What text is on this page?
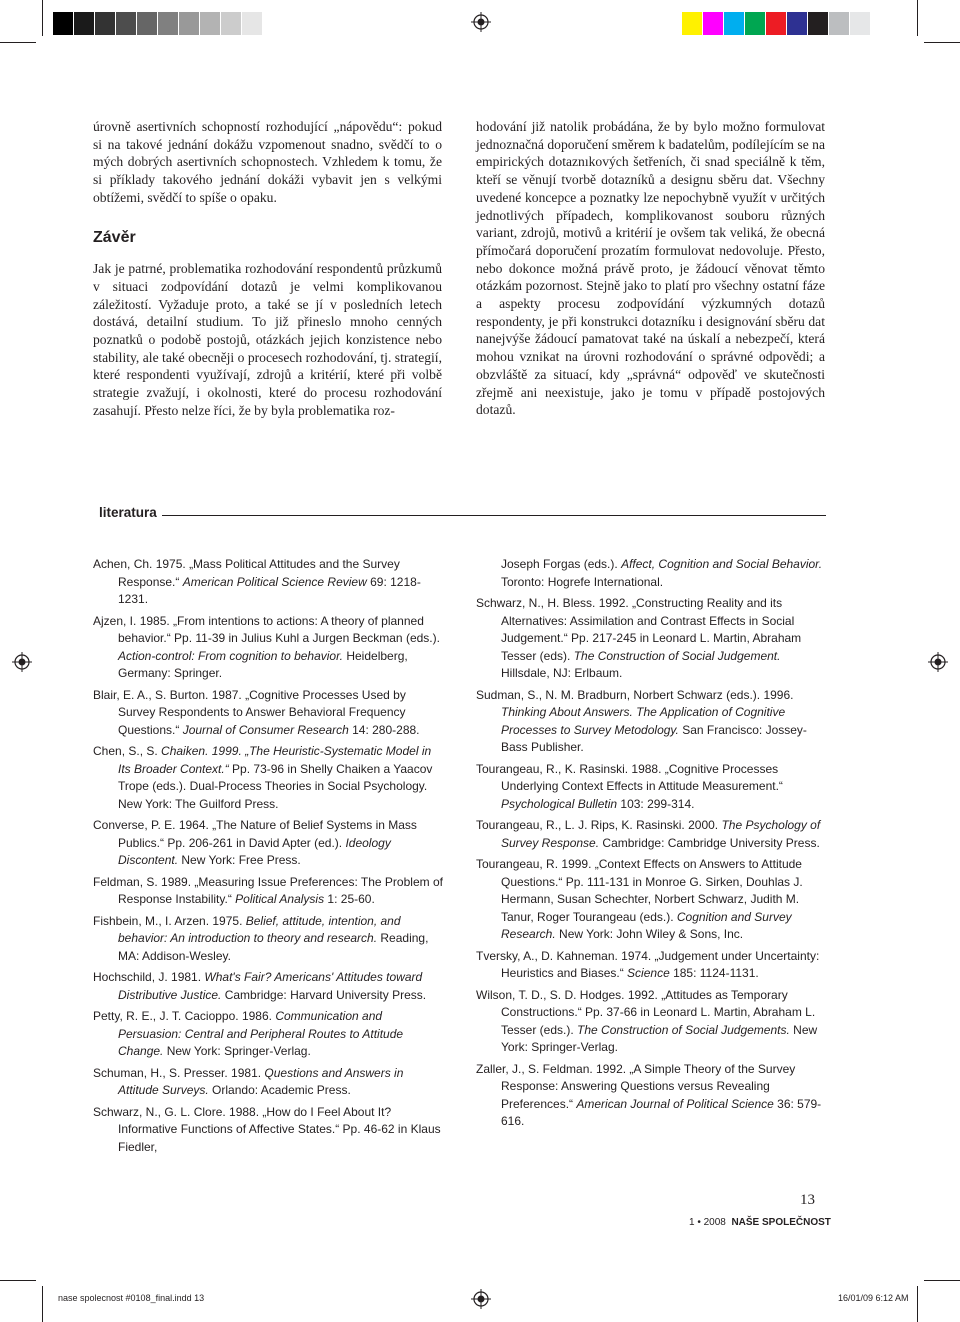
úrovně asertivních schopností rozhodující „nápovědu“: pokud si na takové jednání dokážu vzpomenout snadno, svědčí to o mých dobrých asertivních schopnostech. Vzhledem k tomu, že si příklady takového jednání dokáži vybavit jen s velkými obtížemi, svědčí to spíše o opaku.

Závěr

Jak je patrné, problematika rozhodování respondentů průzkumů v situaci zodpovídání dotazů je velmi komplikovanou záležitostí. Vyžaduje proto, a také se jí v posledních letech dostává, detailní studium. To již přineslo mnoho cenných poznatků o podobě postojů, otázkách jejich konzistence nebo stability, ale také obecněji o procesech rozhodování, tj. strategií, které respondenti využívají, zdrojů a kritérií, které při volbě strategie zvažují, i okolnosti, které do procesu rozhodování zasahují. Přesto nelze říci, že by byla problematika roz-

hodování již natolik probádána, že by bylo možno formulovat jednoznačná doporučení směrem k badatelům, podílejícím se na empirických dotaznıkových šetřeních, či snad speciálně k těm, kteří se věnují tvorbě dotazníků a designu sběru dat. Všechny uvedené koncepce a poznatky lze nepochybně využít v určitých jednotlivých případech, komplikovanost souboru různých variant, zdrojů, motivů a kritérií je ovšem tak veliká, že obecná přímočará doporučení prozatím formulovat nedovoluje. Přesto, nebo dokonce možná právě proto, je žádoucí věnovat těmto otázkám pozornost. Stejně jako to platí pro všechny ostatní fáze a aspekty procesu zodpovídání výzkumných dotazů respondenty, je při konstrukci dotazníku i designování sběru dat nanejvýše žádoucí pamatovat také na úskalí a nebezpečí, která mohou vznikat na úrovni rozhodování o správné odpovědi; a obzvláště za situací, kdy „správná“ odpověď ve skutečnosti zřejmě ani neexistuje, jako je tomu v případě postojových dotazů.

literatura

Achen, Ch. 1975. „Mass Political Attitudes and the Survey Response.“ American Political Science Review 69: 1218-1231.

Ajzen, I. 1985. „From intentions to actions: A theory of planned behavior.“ Pp. 11-39 in Julius Kuhl a Jurgen Beckman (eds.). Action-control: From cognition to behavior. Heidelberg, Germany: Springer.

Blair, E. A., S. Burton. 1987. „Cognitive Processes Used by Survey Respondents to Answer Behavioral Frequency Questions.“ Journal of Consumer Research 14: 280-288.

Chen, S., S. Chaiken. 1999. „The Heuristic-Systematic Model in Its Broader Context.“ Pp. 73-96 in Shelly Chaiken a Yaacov Trope (eds.). Dual-Process Theories in Social Psychology. New York: The Guilford Press.

Converse, P. E. 1964. „The Nature of Belief Systems in Mass Publics.“ Pp. 206-261 in David Apter (ed.). Ideology Discontent. New York: Free Press.

Feldman, S. 1989. „Measuring Issue Preferences: The Problem of Response Instability.“ Political Analysis 1: 25-60.

Fishbein, M., I. Arzen. 1975. Belief, attitude, intention, and behavior: An introduction to theory and research. Reading, MA: Addison-Wesley.

Hochschild, J. 1981. What's Fair? Americans' Attitudes toward Distributive Justice. Cambridge: Harvard University Press.

Petty, R. E., J. T. Cacioppo. 1986. Communication and Persuasion: Central and Peripheral Routes to Attitude Change. New York: Springer-Verlag.

Schuman, H., S. Presser. 1981. Questions and Answers in Attitude Surveys. Orlando: Academic Press.

Schwarz, N., G. L. Clore. 1988. „How do I Feel About It? Informative Functions of Affective States.“ Pp. 46-62 in Klaus Fiedler,

Joseph Forgas (eds.). Affect, Cognition and Social Behavior. Toronto: Hogrefe International.

Schwarz, N., H. Bless. 1992. „Constructing Reality and its Alternatives: Assimilation and Contrast Effects in Social Judgement.“ Pp. 217-245 in Leonard L. Martin, Abraham Tesser (eds). The Construction of Social Judgement. Hillsdale, NJ: Erlbaum.

Sudman, S., N. M. Bradburn, Norbert Schwarz (eds.). 1996. Thinking About Answers. The Application of Cognitive Processes to Survey Metodology. San Francisco: Jossey-Bass Publisher.

Tourangeau, R., K. Rasinski. 1988. „Cognitive Processes Underlying Context Effects in Attitude Measurement.“ Psychological Bulletin 103: 299-314.

Tourangeau, R., L. J. Rips, K. Rasinski. 2000. The Psychology of Survey Response. Cambridge: Cambridge University Press.

Tourangeau, R. 1999. „Context Effects on Answers to Attitude Questions.“ Pp. 111-131 in Monroe G. Sirken, Douhlas J. Hermann, Susan Schechter, Norbert Schwarz, Judith M. Tanur, Roger Tourangeau (eds.). Cognition and Survey Research. New York: John Wiley & Sons, Inc.

Tversky, A., D. Kahneman. 1974. „Judgement under Uncertainty: Heuristics and Biases.“ Science 185: 1124-1131.

Wilson, T. D., S. D. Hodges. 1992. „Attitudes as Temporary Constructions.“ Pp. 37-66 in Leonard L. Martin, Abraham L. Tesser (eds.). The Construction of Social Judgements. New York: Springer-Verlag.

Zaller, J., S. Feldman. 1992. „A Simple Theory of the Survey Response: Answering Questions versus Revealing Preferences.“ American Journal of Political Science 36: 579-616.

13
1 • 2008 NAŠE SPOLEČNOST
nase spolecnost #0108_final.indd 13	16/01/09 6:12 AM
